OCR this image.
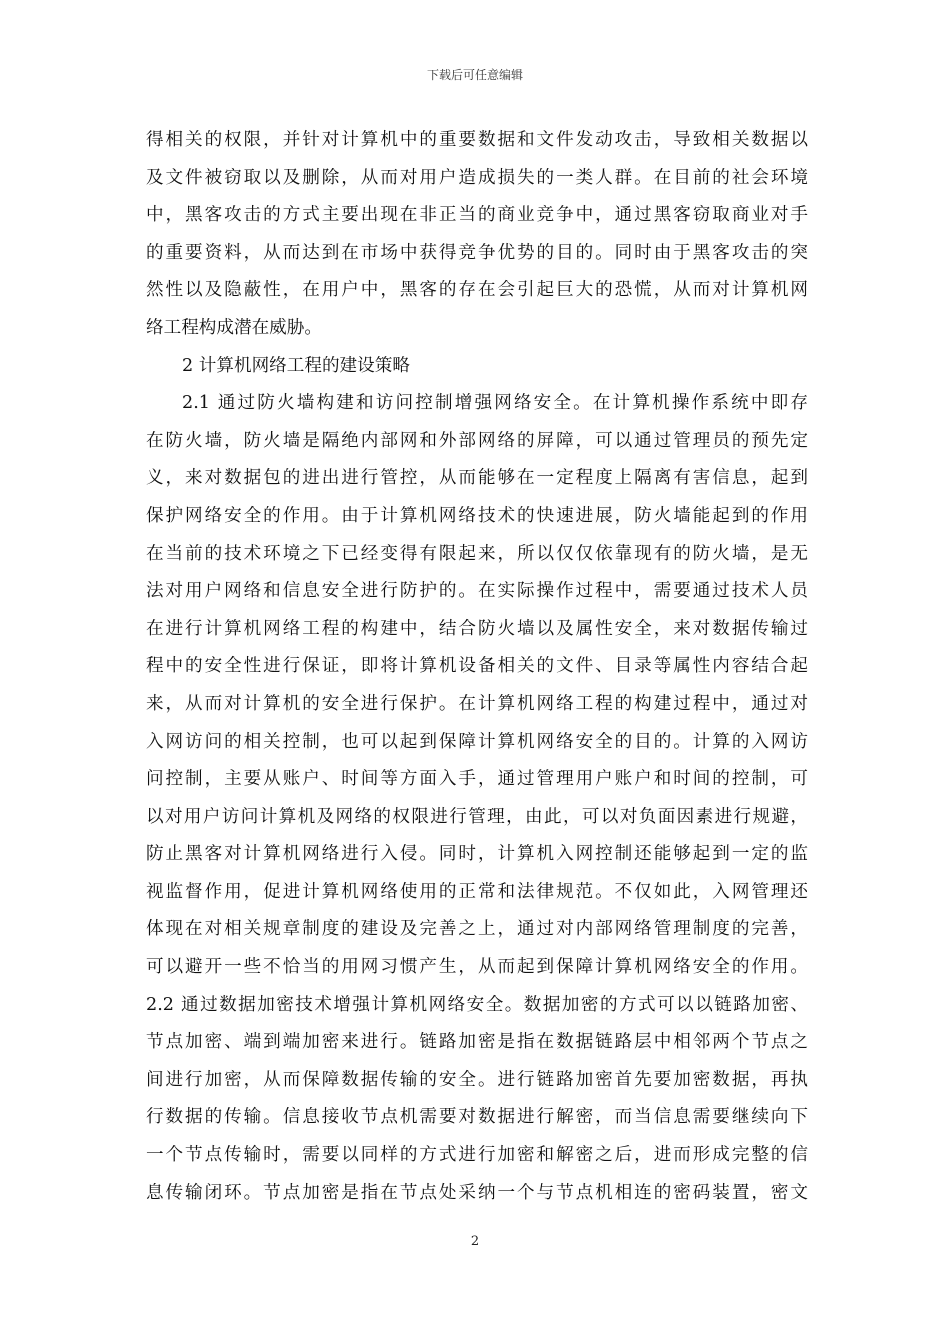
下载后可任意编辑
得相关的权限，并针对计算机中的重要数据和文件发动攻击，导致相关数据以
及文件被窃取以及删除，从而对用户造成损失的一类人群。在目前的社会环境
中，黑客攻击的方式主要出现在非正当的商业竞争中，通过黑客窃取商业对手
的重要资料，从而达到在市场中获得竞争优势的目的。同时由于黑客攻击的突
然性以及隐蔽性，在用户中，黑客的存在会引起巨大的恐慌，从而对计算机网
络工程构成潜在威胁。
2 计算机网络工程的建设策略
2.1 通过防火墙构建和访问控制增强网络安全。在计算机操作系统中即存
在防火墙，防火墙是隔绝内部网和外部网络的屏障，可以通过管理员的预先定
义，来对数据包的进出进行管控，从而能够在一定程度上隔离有害信息，起到
保护网络安全的作用。由于计算机网络技术的快速进展，防火墙能起到的作用
在当前的技术环境之下已经变得有限起来，所以仅仅依靠现有的防火墙，是无
法对用户网络和信息安全进行防护的。在实际操作过程中，需要通过技术人员
在进行计算机网络工程的构建中，结合防火墙以及属性安全，来对数据传输过
程中的安全性进行保证，即将计算机设备相关的文件、目录等属性内容结合起
来，从而对计算机的安全进行保护。在计算机网络工程的构建过程中，通过对
入网访问的相关控制，也可以起到保障计算机网络安全的目的。计算的入网访
问控制，主要从账户、时间等方面入手，通过管理用户账户和时间的控制，可
以对用户访问计算机及网络的权限进行管理，由此，可以对负面因素进行规避，
防止黑客对计算机网络进行入侵。同时，计算机入网控制还能够起到一定的监
视监督作用，促进计算机网络使用的正常和法律规范。不仅如此，入网管理还
体现在对相关规章制度的建设及完善之上，通过对内部网络管理制度的完善，
可以避开一些不恰当的用网习惯产生，从而起到保障计算机网络安全的作用。
2.2 通过数据加密技术增强计算机网络安全。数据加密的方式可以以链路加密、
节点加密、端到端加密来进行。链路加密是指在数据链路层中相邻两个节点之
间进行加密，从而保障数据传输的安全。进行链路加密首先要加密数据，再执
行数据的传输。信息接收节点机需要对数据进行解密，而当信息需要继续向下
一个节点传输时，需要以同样的方式进行加密和解密之后，进而形成完整的信
息传输闭环。节点加密是指在节点处采纳一个与节点机相连的密码装置，密文
2
